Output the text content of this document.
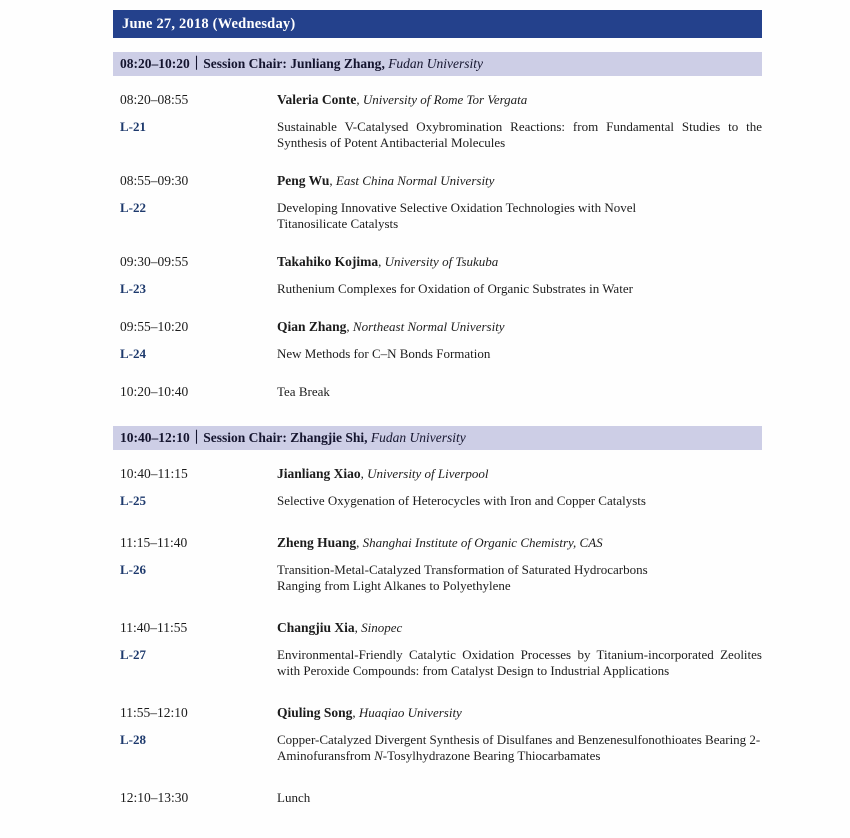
June 27, 2018 (Wednesday)
08:20–10:20｜Session Chair: Junliang Zhang, Fudan University
08:20–08:55	Valeria Conte, University of Rome Tor Vergata
L-21	Sustainable V-Catalysed Oxybromination Reactions: from Fundamental Studies to the Synthesis of Potent Antibacterial Molecules
08:55–09:30	Peng Wu, East China Normal University
L-22	Developing Innovative Selective Oxidation Technologies with Novel Titanosilicate Catalysts
09:30–09:55	Takahiko Kojima, University of Tsukuba
L-23	Ruthenium Complexes for Oxidation of Organic Substrates in Water
09:55–10:20	Qian Zhang, Northeast Normal University
L-24	New Methods for C–N Bonds Formation
10:20–10:40	Tea Break
10:40–12:10｜Session Chair: Zhangjie Shi, Fudan University
10:40–11:15	Jianliang Xiao, University of Liverpool
L-25	Selective Oxygenation of Heterocycles with Iron and Copper Catalysts
11:15–11:40	Zheng Huang, Shanghai Institute of Organic Chemistry, CAS
L-26	Transition-Metal-Catalyzed Transformation of Saturated Hydrocarbons Ranging from Light Alkanes to Polyethylene
11:40–11:55	Changjiu Xia, Sinopec
L-27	Environmental-Friendly Catalytic Oxidation Processes by Titanium-incorporated Zeolites with Peroxide Compounds: from Catalyst Design to Industrial Applications
11:55–12:10	Qiuling Song, Huaqiao University
L-28	Copper-Catalyzed Divergent Synthesis of Disulfanes and Benzenesulfonothioates Bearing 2-Aminofuransfrom N-Tosylhydrazone Bearing Thiocarbamates
12:10–13:30	Lunch
